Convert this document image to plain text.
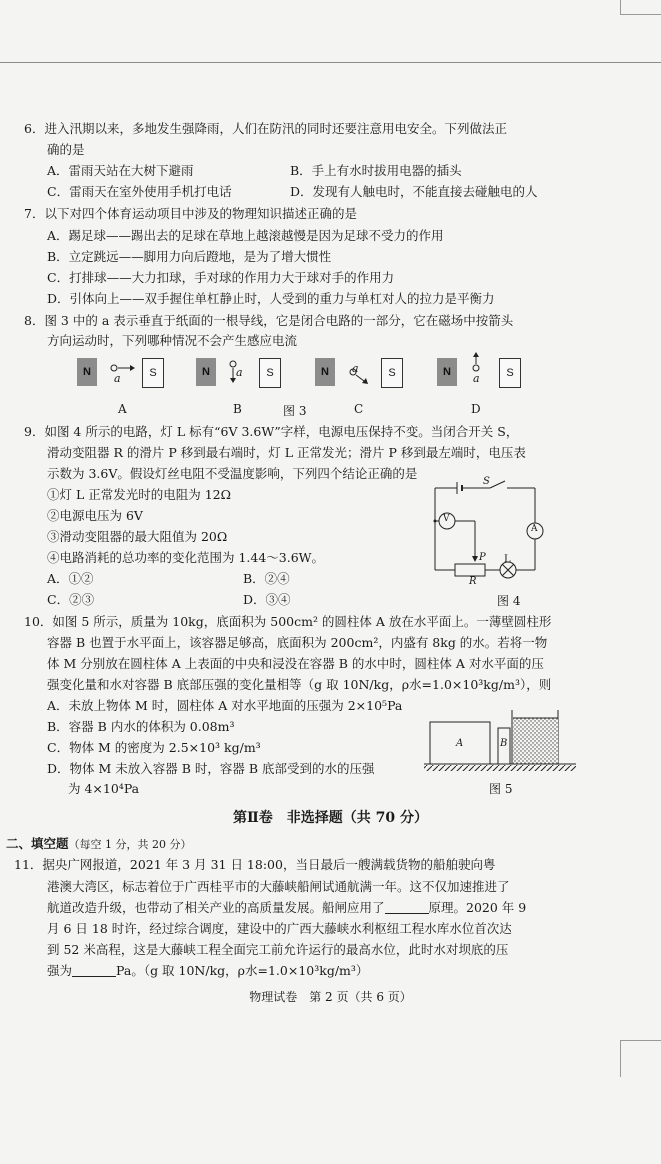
6．进入汛期以来，多地发生强降雨，人们在防汛的同时还要注意用电安全。下列做法正
确的是
A．雷雨天站在大树下避雨	B．手上有水时拔用电器的插头
C．雷雨天在室外使用手机打电话	D．发现有人触电时，不能直接去碰触电的人
7．以下对四个体育运动项目中涉及的物理知识描述正确的是
A．踢足球——踢出去的足球在草地上越滚越慢是因为足球不受力的作用
B．立定跳远——脚用力向后蹬地，是为了增大惯性
C．打排球——大力扣球，手对球的作用力大于球对手的作用力
D．引体向上——双手握住单杠静止时，人受到的重力与单杠对人的拉力是平衡力
8．图 3 中的 a 表示垂直于纸面的一根导线，它是闭合电路的一部分，它在磁场中按箭头
方向运动时，下列哪种情况不会产生感应电流
N	S	N	S	N	S	N	S
a	a	a
a
A	B	图 3	C	D
9．如图 4 所示的电路，灯 L 标有“6V 3.6W”字样，电源电压保持不变。当闭合开关 S，
滑动变阻器 R 的滑片 P 移到最右端时，灯 L 正常发光；滑片 P 移到最左端时，电压表
示数为 3.6V。假设灯丝电阻不受温度影响，下列四个结论正确的是
①灯 L 正常发光时的电阻为 12Ω
②电源电压为 6V
③滑动变阻器的最大阻值为 20Ω
④电路消耗的总功率的变化范围为 1.44～3.6W。
A．①②	B．②④
C．②③	D．③④
S
V
A
P
R
L
图 4
10．如图 5 所示，质量为 10kg，底面积为 500cm² 的圆柱体 A 放在水平面上。一薄壁圆柱形
容器 B 也置于水平面上，该容器足够高，底面积为 200cm²，内盛有 8kg 的水。若将一物
体 M 分别放在圆柱体 A 上表面的中央和浸没在容器 B 的水中时，圆柱体 A 对水平面的压
强变化量和水对容器 B 底部压强的变化量相等（g 取 10N/kg，ρ水=1.0×10³kg/m³），则
A．未放上物体 M 时，圆柱体 A 对水平地面的压强为 2×10⁵Pa
B．容器 B 内水的体积为 0.08m³
C．物体 M 的密度为 2.5×10³ kg/m³
D．物体 M 未放入容器 B 时，容器 B 底部受到的水的压强
为 4×10⁴Pa
A	B
图 5
第Ⅱ卷　非选择题（共 70 分）
二、填空题（每空 1 分，共 20 分）
11．据央广网报道，2021 年 3 月 31 日 18:00，当日最后一艘满载货物的船舶驶向粤
港澳大湾区，标志着位于广西桂平市的大藤峡船闸试通航满一年。这不仅加速推进了
航道改造升级，也带动了相关产业的高质量发展。船闸应用了	原理。2020 年 9
月 6 日 18 时许，经过综合调度，建设中的广西大藤峡水利枢纽工程水库水位首次达
到 52 米高程，这是大藤峡工程全面完工前允许运行的最高水位，此时水对坝底的压
强为	Pa。（g 取 10N/kg，ρ水=1.0×10³kg/m³）
物理试卷　第 2 页（共 6 页）
